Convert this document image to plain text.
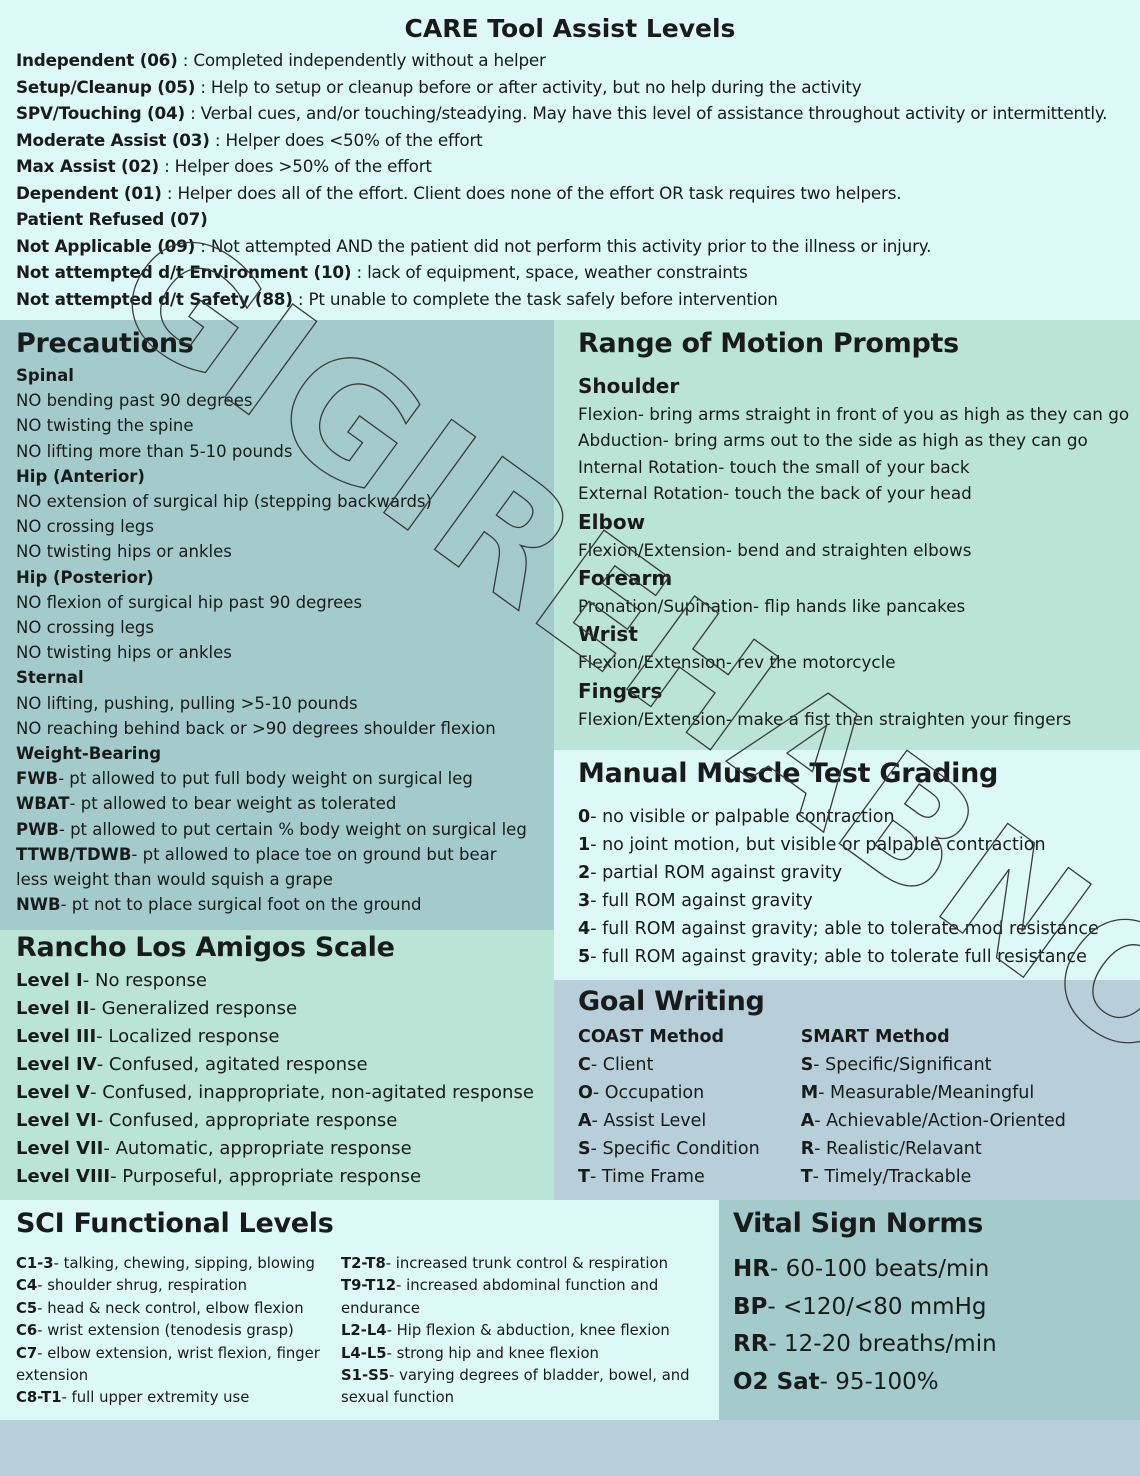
CARE Tool Assist Levels
Independent (06) : Completed independently without a helper
Setup/Cleanup (05) : Help to setup or cleanup before or after activity, but no help during the activity
SPV/Touching (04) : Verbal cues, and/or touching/steadying. May have this level of assistance throughout activity or intermittently.
Moderate Assist (03) : Helper does <50% of the effort
Max Assist (02) : Helper does >50% of the effort
Dependent (01) : Helper does all of the effort. Client does none of the effort OR task requires two helpers.
Patient Refused (07)
Not Applicable (09) : Not attempted AND the patient did not perform this activity prior to the illness or injury.
Not attempted d/t Environment (10) : lack of equipment, space, weather constraints
Not attempted d/t Safety (88) : Pt unable to complete the task safely before intervention
Precautions
Spinal
NO bending past 90 degrees
NO twisting the spine
NO lifting more than 5-10 pounds
Hip (Anterior)
NO extension of surgical hip (stepping backwards)
NO crossing legs
NO twisting hips or ankles
Hip (Posterior)
NO flexion of surgical hip past 90 degrees
NO crossing legs
NO twisting hips or ankles
Sternal
NO lifting, pushing, pulling >5-10 pounds
NO reaching behind back or >90 degrees shoulder flexion
Weight-Bearing
FWB- pt allowed to put full body weight on surgical leg
WBAT- pt allowed to bear weight as tolerated
PWB- pt allowed to put certain % body weight on surgical leg
TTWB/TDWB- pt allowed to place toe on ground but bear
less weight than would squish a grape
NWB- pt not to place surgical foot on the ground
Range of Motion Prompts
Shoulder
Flexion- bring arms straight in front of you as high as they can go
Abduction- bring arms out to the side as high as they can go
Internal Rotation- touch the small of your back
External Rotation- touch the back of your head
Elbow
Flexion/Extension- bend and straighten elbows
Forearm
Pronation/Supination- flip hands like pancakes
Wrist
Flexion/Extension- rev the motorcycle
Fingers
Flexion/Extension- make a fist then straighten your fingers
Manual Muscle Test Grading
0- no visible or palpable contraction
1- no joint motion, but visible or palpable contraction
2- partial ROM against gravity
3- full ROM against gravity
4- full ROM against gravity; able to tolerate mod resistance
5- full ROM against gravity; able to tolerate full resistance
Rancho Los Amigos Scale
Level I- No response
Level II- Generalized response
Level III- Localized response
Level IV- Confused, agitated response
Level V- Confused, inappropriate, non-agitated response
Level VI- Confused, appropriate response
Level VII- Automatic, appropriate response
Level VIII- Purposeful, appropriate response
Goal Writing
COAST Method
C- Client
O- Occupation
A- Assist Level
S- Specific Condition
T- Time Frame
SMART Method
S- Specific/Significant
M- Measurable/Meaningful
A- Achievable/Action-Oriented
R- Realistic/Relavant
T- Timely/Trackable
SCI Functional Levels
C1-3- talking, chewing, sipping, blowing
C4- shoulder shrug, respiration
C5- head & neck control, elbow flexion
C6- wrist extension (tenodesis grasp)
C7- elbow extension, wrist flexion, finger extension
C8-T1- full upper extremity use
T2-T8- increased trunk control & respiration
T9-T12- increased abdominal function and endurance
L2-L4- Hip flexion & abduction, knee flexion
L4-L5- strong hip and knee flexion
S1-S5- varying degrees of bladder, bowel, and sexual function
Vital Sign Norms
HR- 60-100 beats/min
BP- <120/<80 mmHg
RR- 12-20 breaths/min
O2 Sat- 95-100%
